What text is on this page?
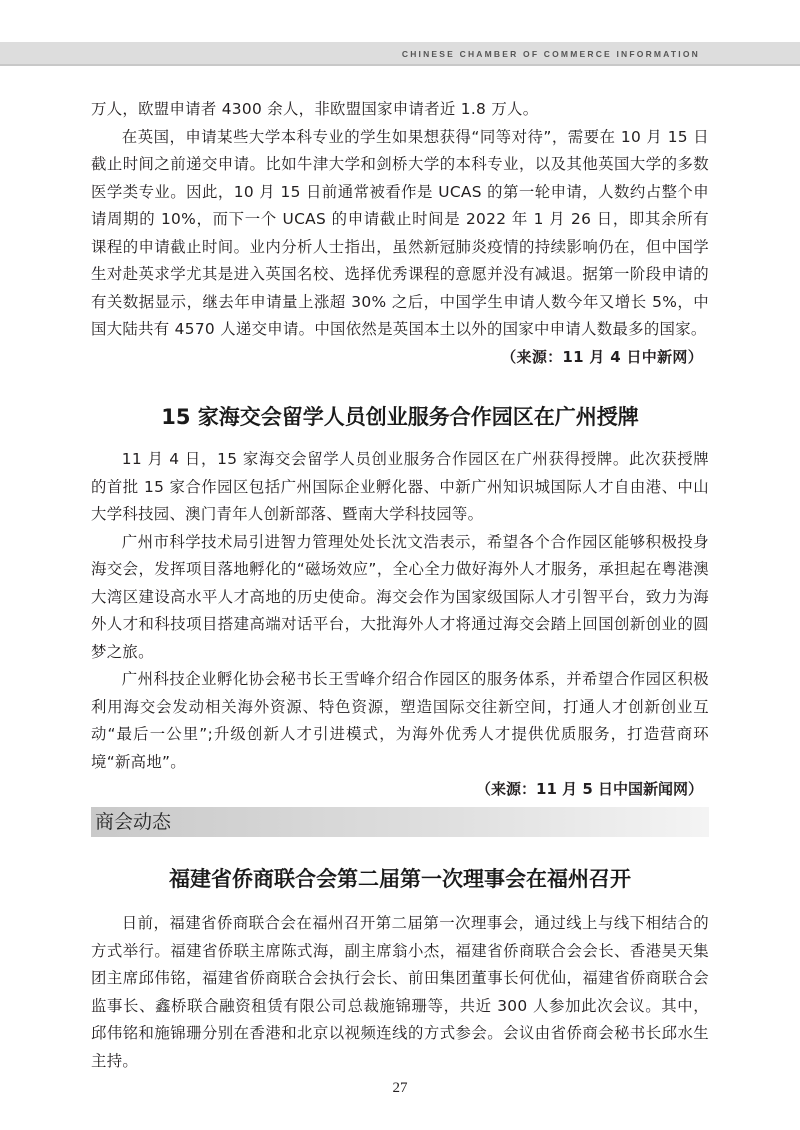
CHINESE CHAMBER OF COMMERCE INFORMATION

万人，欧盟申请者 4300 余人，非欧盟国家申请者近 1.8 万人。

在英国，申请某些大学本科专业的学生如果想获得“同等对待”，需要在 10 月 15 日截止时间之前递交申请。比如牛津大学和剑桥大学的本科专业，以及其他英国大学的多数医学类专业。因此，10 月 15 日前通常被看作是 UCAS 的第一轮申请，人数约占整个申请周期的 10%，而下一个 UCAS 的申请截止时间是 2022 年 1 月 26 日，即其余所有课程的申请截止时间。业内分析人士指出，虽然新冠肺炎疫情的持续影响仍在，但中国学生对赴英求学尤其是进入英国名校、选择优秀课程的意愿并没有减退。据第一阶段申请的有关数据显示，继去年申请量上涨超 30% 之后，中国学生申请人数今年又增长 5%，中国大陆共有 4570 人递交申请。中国依然是英国本土以外的国家中申请人数最多的国家。
（来源：11 月 4 日中新网）

15 家海交会留学人员创业服务合作园区在广州授牌

11 月 4 日，15 家海交会留学人员创业服务合作园区在广州获得授牌。此次获授牌的首批 15 家合作园区包括广州国际企业孵化器、中新广州知识城国际人才自由港、中山大学科技园、澳门青年人创新部落、暨南大学科技园等。

广州市科学技术局引进智力管理处处长沈文浩表示，希望各个合作园区能够积极投身海交会，发挥项目落地孵化的“磁场效应”，全心全力做好海外人才服务，承担起在粤港澳大湾区建设高水平人才高地的历史使命。海交会作为国家级国际人才引智平台，致力为海外人才和科技项目搭建高端对话平台，大批海外人才将通过海交会踏上回国创新创业的圆梦之旅。

广州科技企业孵化协会秘书长王雪峰介绍合作园区的服务体系，并希望合作园区积极利用海交会发动相关海外资源、特色资源，塑造国际交往新空间，打通人才创新创业互动“最后一公里”;升级创新人才引进模式，为海外优秀人才提供优质服务，打造营商环境“新高地”。

（来源：11 月 5 日中国新闻网）
商会动态
福建省侨商联合会第二届第一次理事会在福州召开

日前，福建省侨商联合会在福州召开第二届第一次理事会，通过线上与线下相结合的方式举行。福建省侨联主席陈式海，副主席翁小杰，福建省侨商联合会会长、香港昊天集团主席邱伟铭，福建省侨商联合会执行会长、前田集团董事长何优仙，福建省侨商联合会监事长、鑫桥联合融资租赁有限公司总裁施锦珊等，共近 300 人参加此次会议。其中，邱伟铭和施锦珊分别在香港和北京以视频连线的方式参会。会议由省侨商会秘书长邱水生主持。

27
